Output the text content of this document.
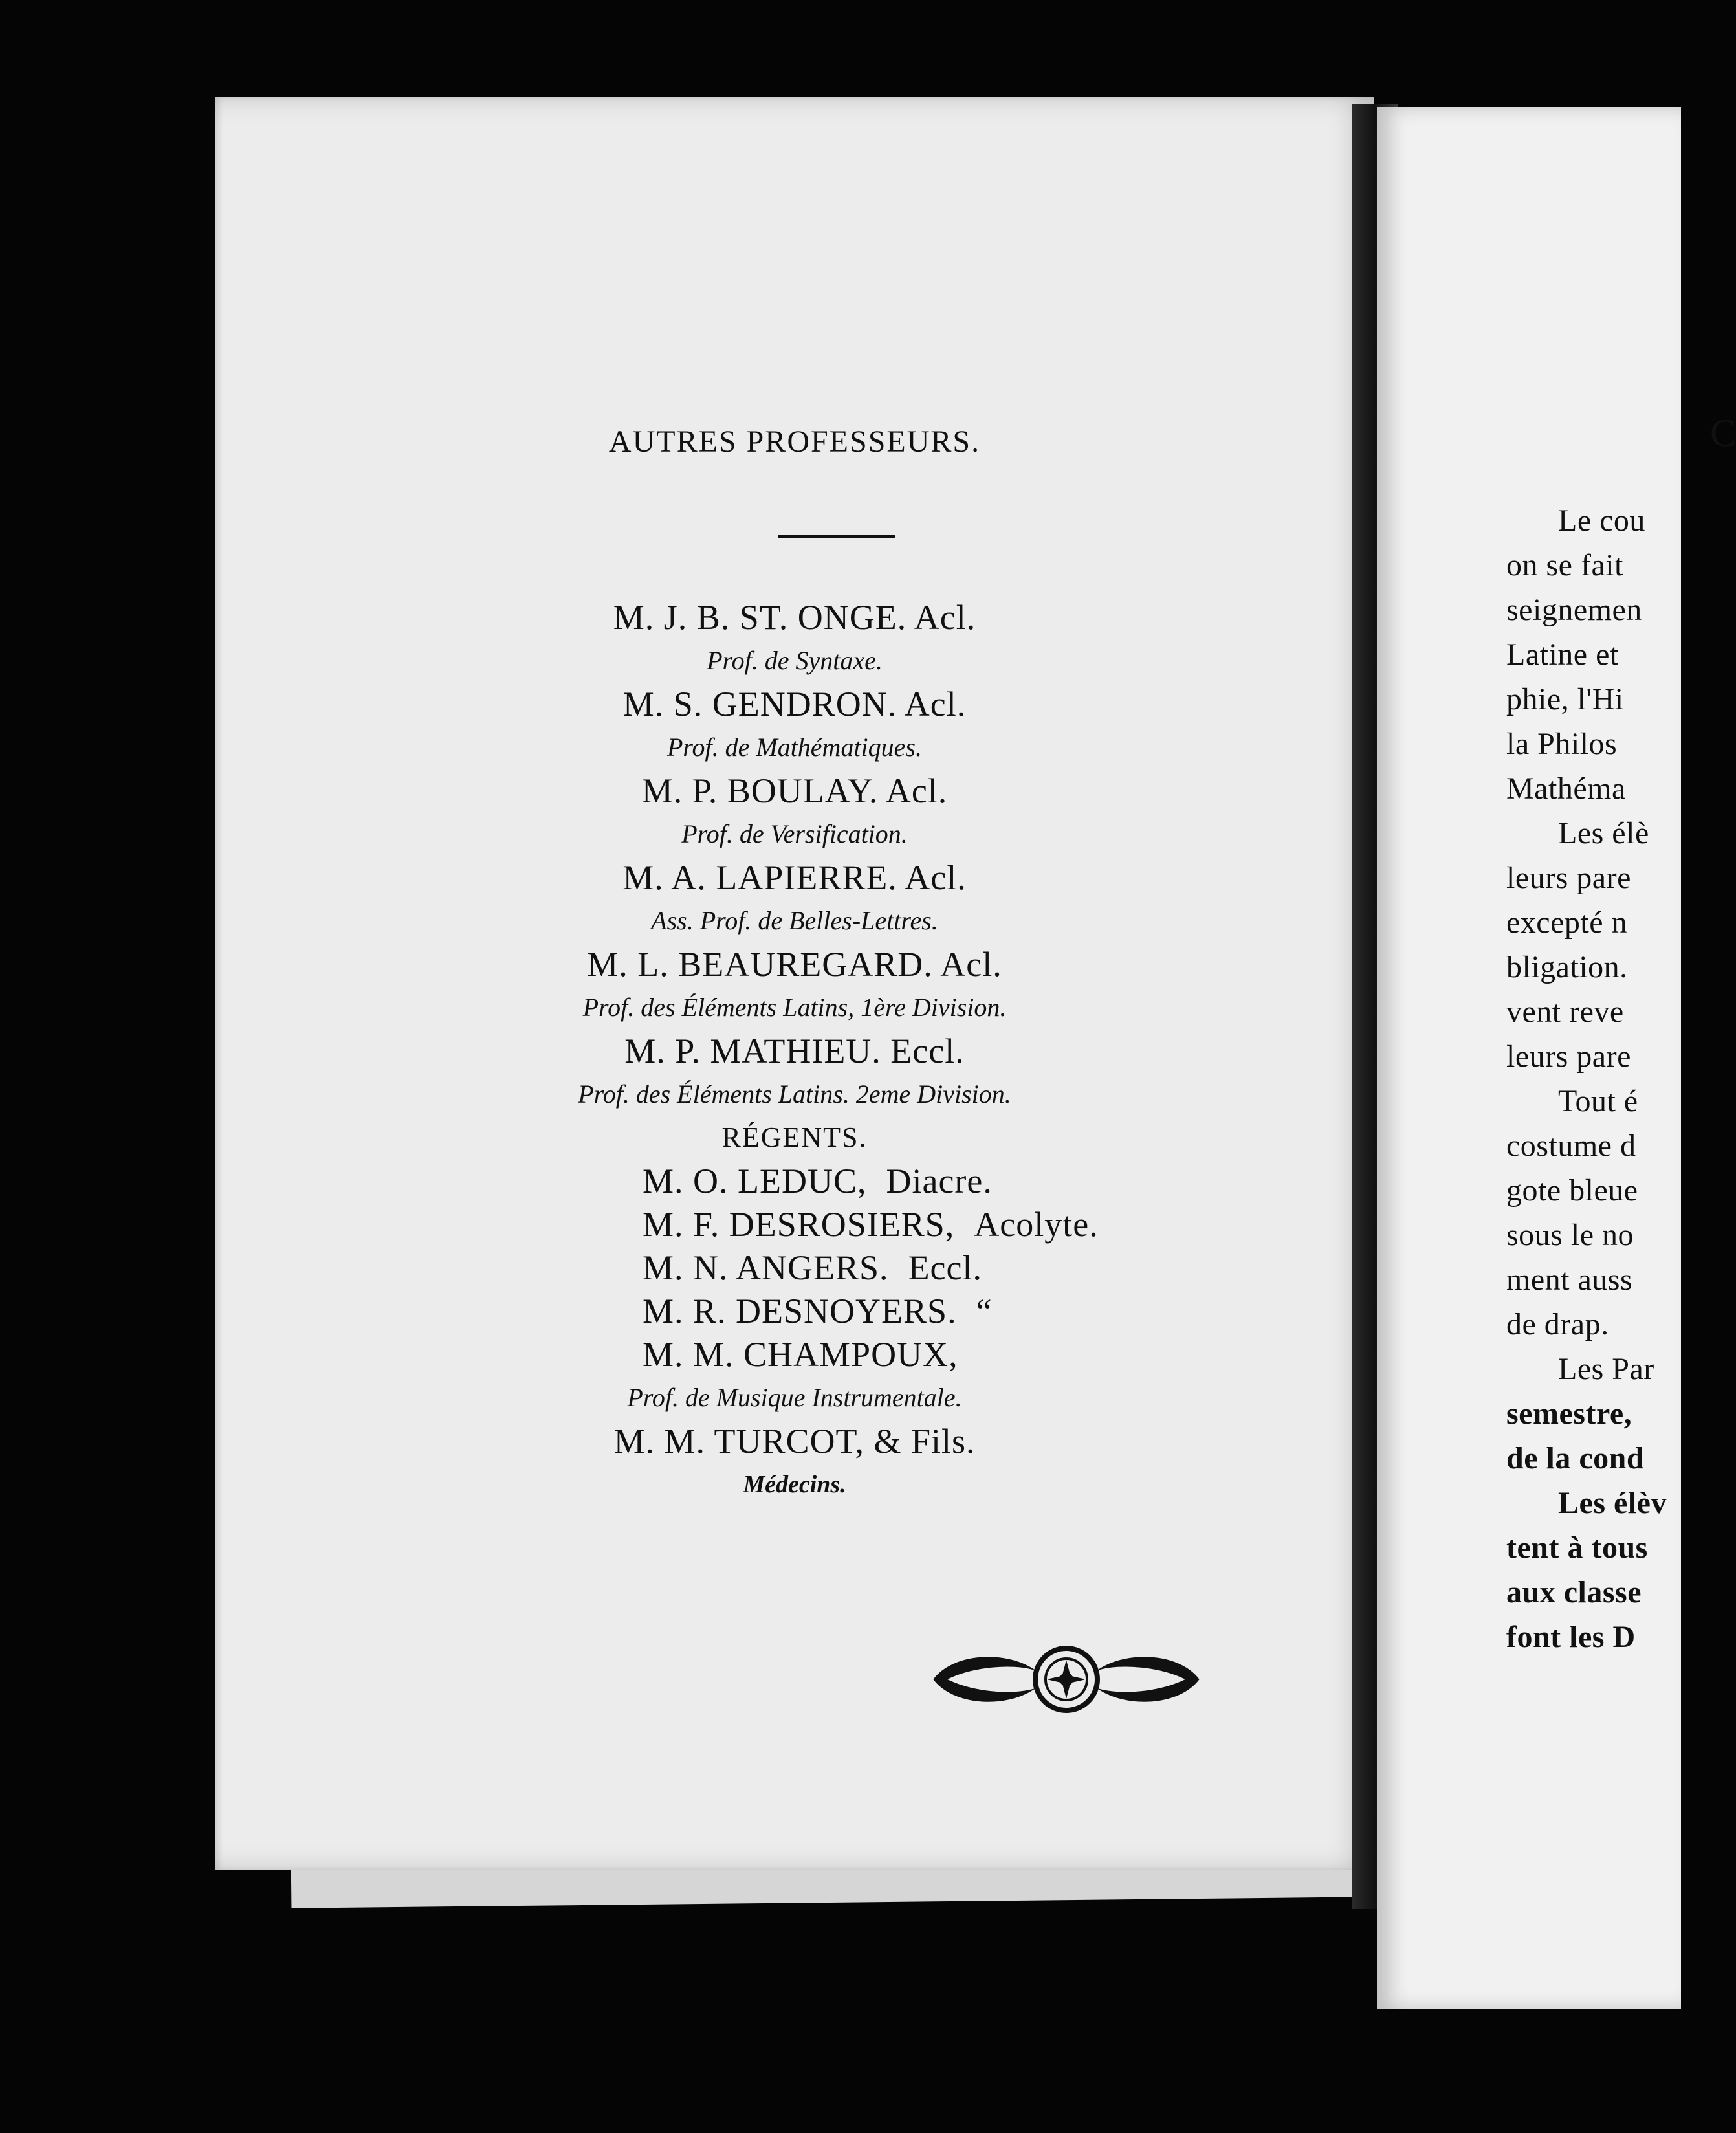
AUTRES PROFESSEURS.
M. J. B. ST. ONGE. Acl.
Prof. de Syntaxe.
M. S. GENDRON. Acl.
Prof. de Mathématiques.
M. P. BOULAY. Acl.
Prof. de Versification.
M. A. LAPIERRE. Acl.
Ass. Prof. de Belles-Lettres.
M. L. BEAUREGARD. Acl.
Prof. des Éléments Latins, 1ère Division.
M. P. MATHIEU. Eccl.
Prof. des Éléments Latins. 2eme Division.
RÉGENTS.
M. O. LEDUC, Diacre.
M. F. DESROSIERS, Acolyte.
M. N. ANGERS. Eccl.
M. R. DESNOYERS. “
M. M. CHAMPOUX,
Prof. de Musique Instrumentale.
M. M. TURCOT, & Fils.
Médecins.
C
Le cou
on se fait
seignemen
Latine et
phie, l'Hi
la Philos
Mathéma
Les élè
leurs pare
excepté n
bligation.
vent reve
leurs pare
Tout é
costume d
gote bleue
sous le no
ment auss
de drap.
Les Par
semestre,
de la cond
Les élèv
tent à tous
aux classe
font les D
